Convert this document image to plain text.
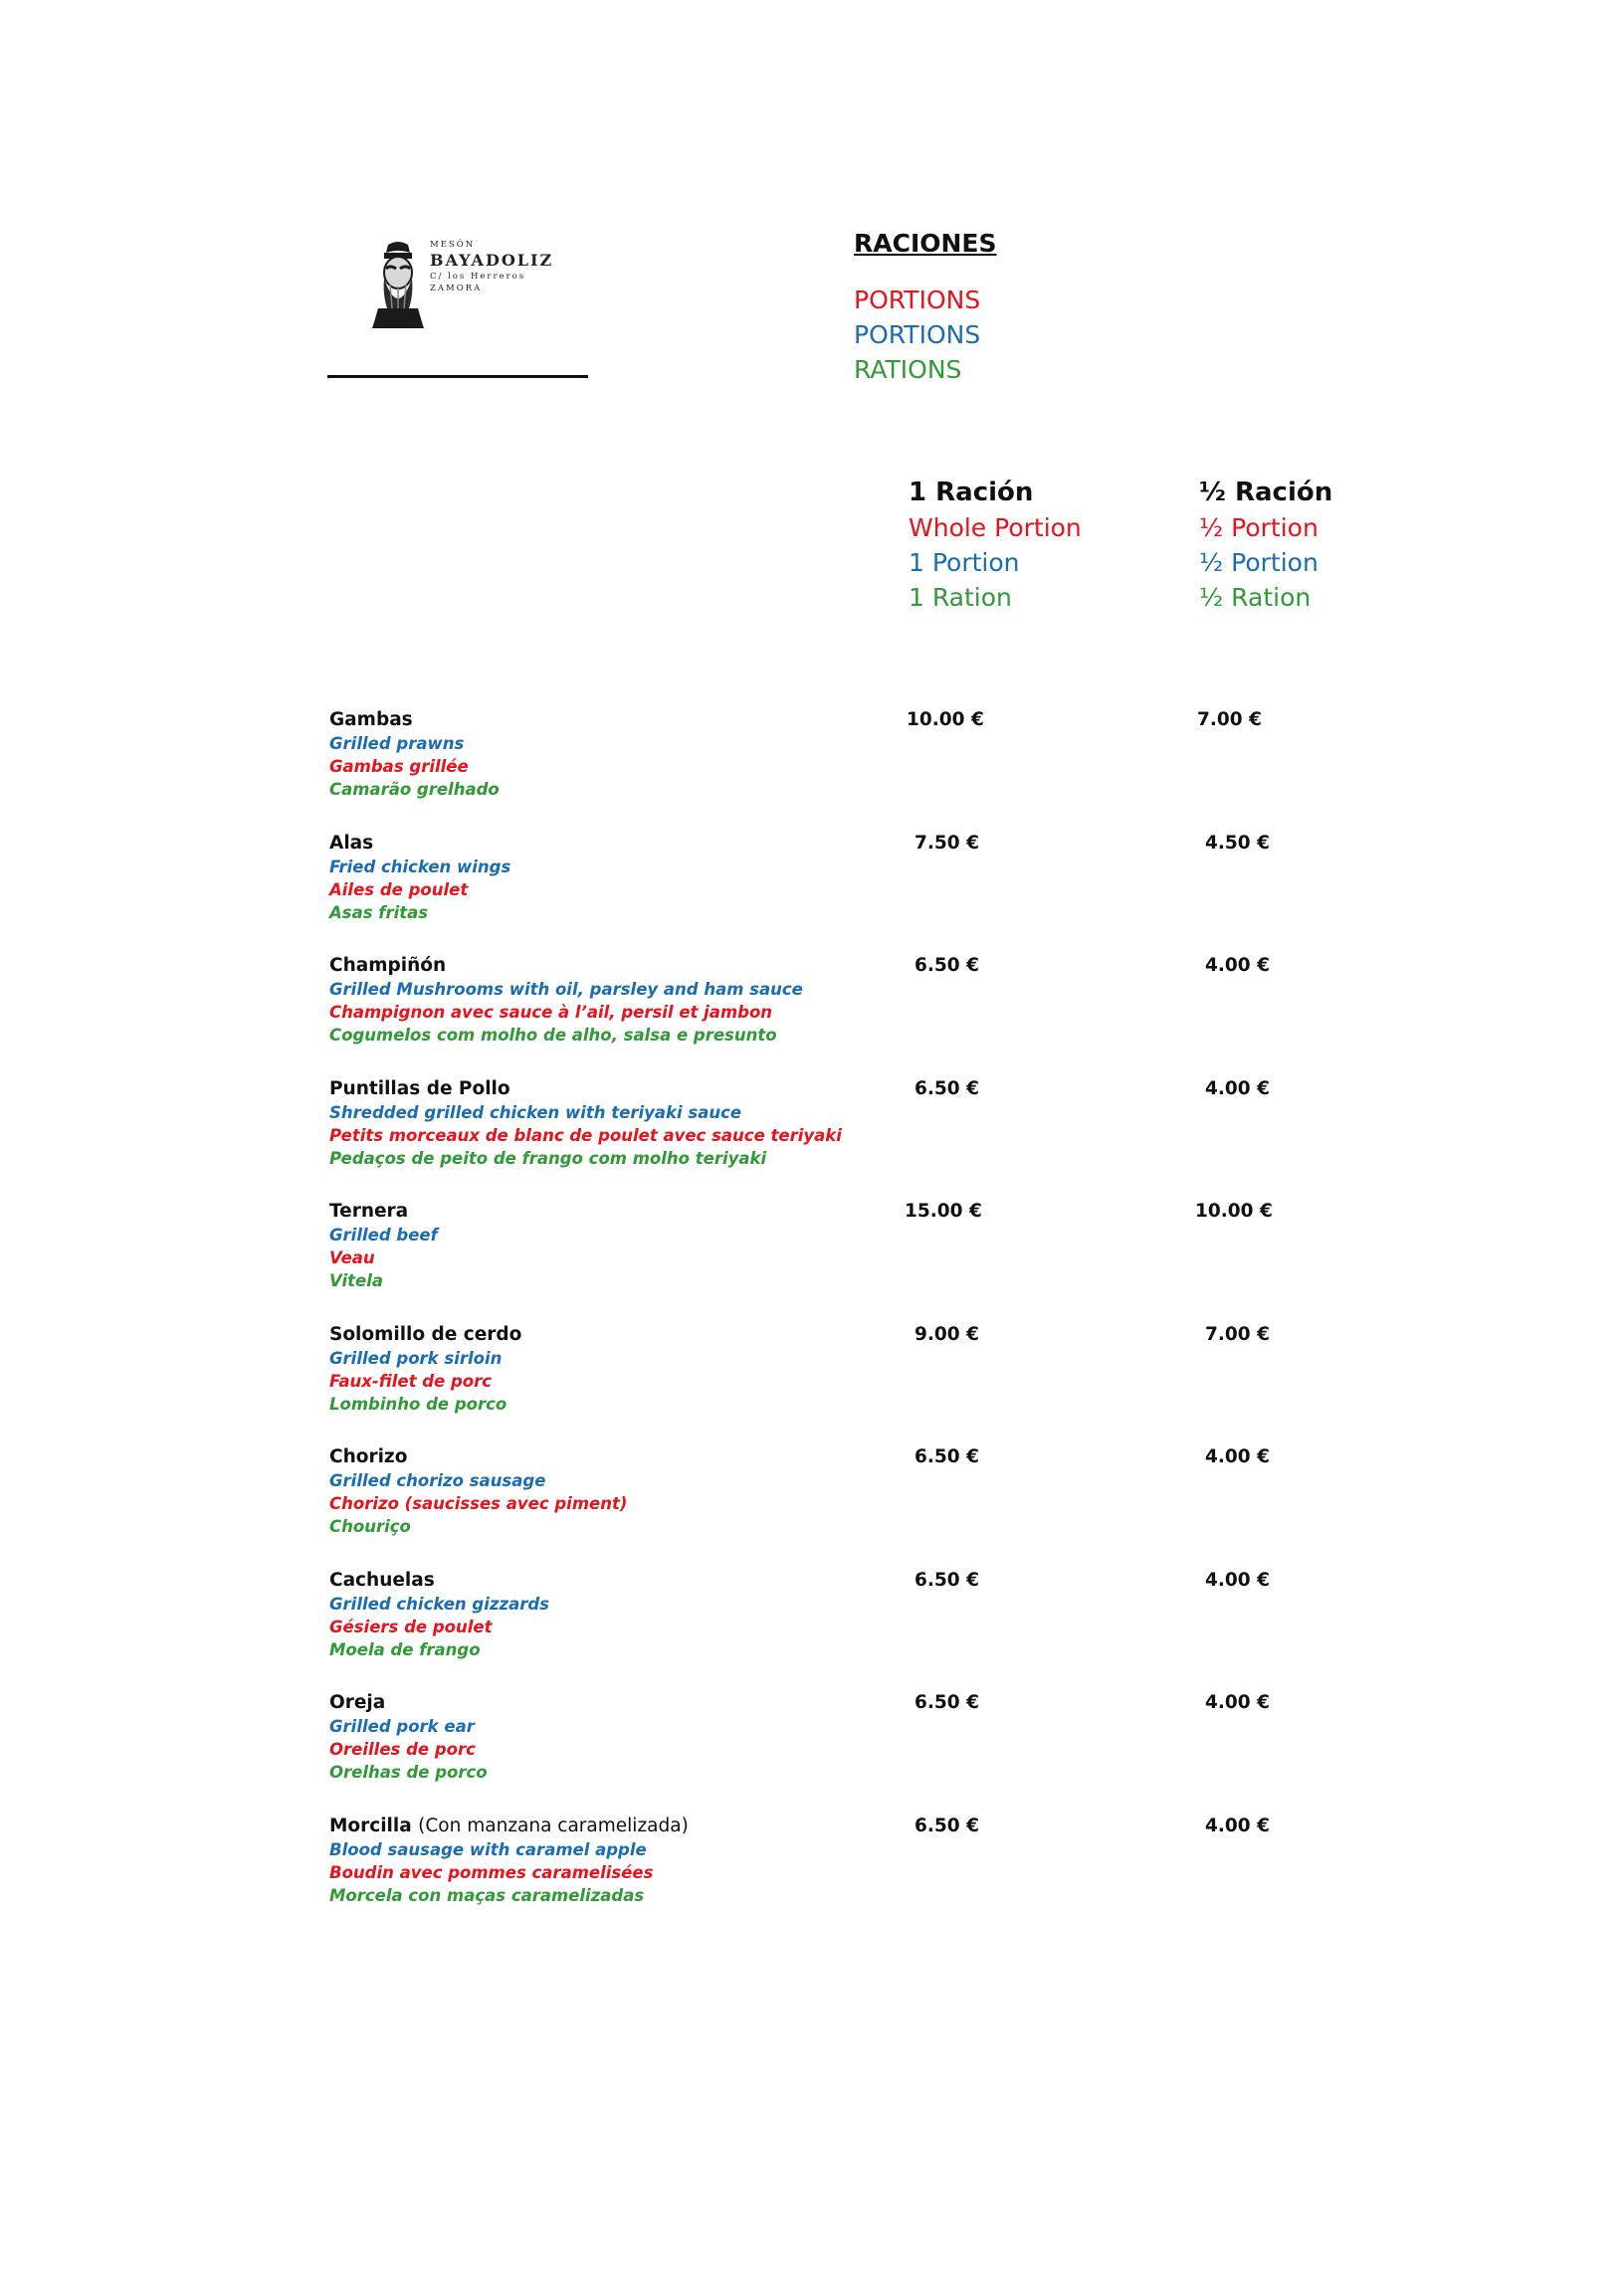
MESÓN
BAYADOLIZ
C/ los Herreros
ZAMORA
RACIONES
PORTIONS
PORTIONS
RATIONS
1 Ración
Whole Portion
1 Portion
1 Ration
½ Ración
½ Portion
½ Portion
½ Ration
Gambas
Grilled prawns
Gambas grillée
Camarão grelhado
10.00 €	7.00 €
Alas
Fried chicken wings
Ailes de poulet
Asas fritas
7.50 €	4.50 €
Champiñón
Grilled Mushrooms with oil, parsley and ham sauce
Champignon avec sauce à l’ail, persil et jambon
Cogumelos com molho de alho, salsa e presunto
6.50 €	4.00 €
Puntillas de Pollo
Shredded grilled chicken with teriyaki sauce
Petits morceaux de blanc de poulet avec sauce teriyaki
Pedaços de peito de frango com molho teriyaki
6.50 €	4.00 €
Ternera
Grilled beef
Veau
Vitela
15.00 €	10.00 €
Solomillo de cerdo
Grilled pork sirloin
Faux-filet de porc
Lombinho de porco
9.00 €	7.00 €
Chorizo
Grilled chorizo sausage
Chorizo (saucisses avec piment)
Chouriço
6.50 €	4.00 €
Cachuelas
Grilled chicken gizzards
Gésiers de poulet
Moela de frango
6.50 €	4.00 €
Oreja
Grilled pork ear
Oreilles de porc
Orelhas de porco
6.50 €	4.00 €
Morcilla (Con manzana caramelizada)
Blood sausage with caramel apple
Boudin avec pommes caramelisées
Morcela con maças caramelizadas
6.50 €	4.00 €
